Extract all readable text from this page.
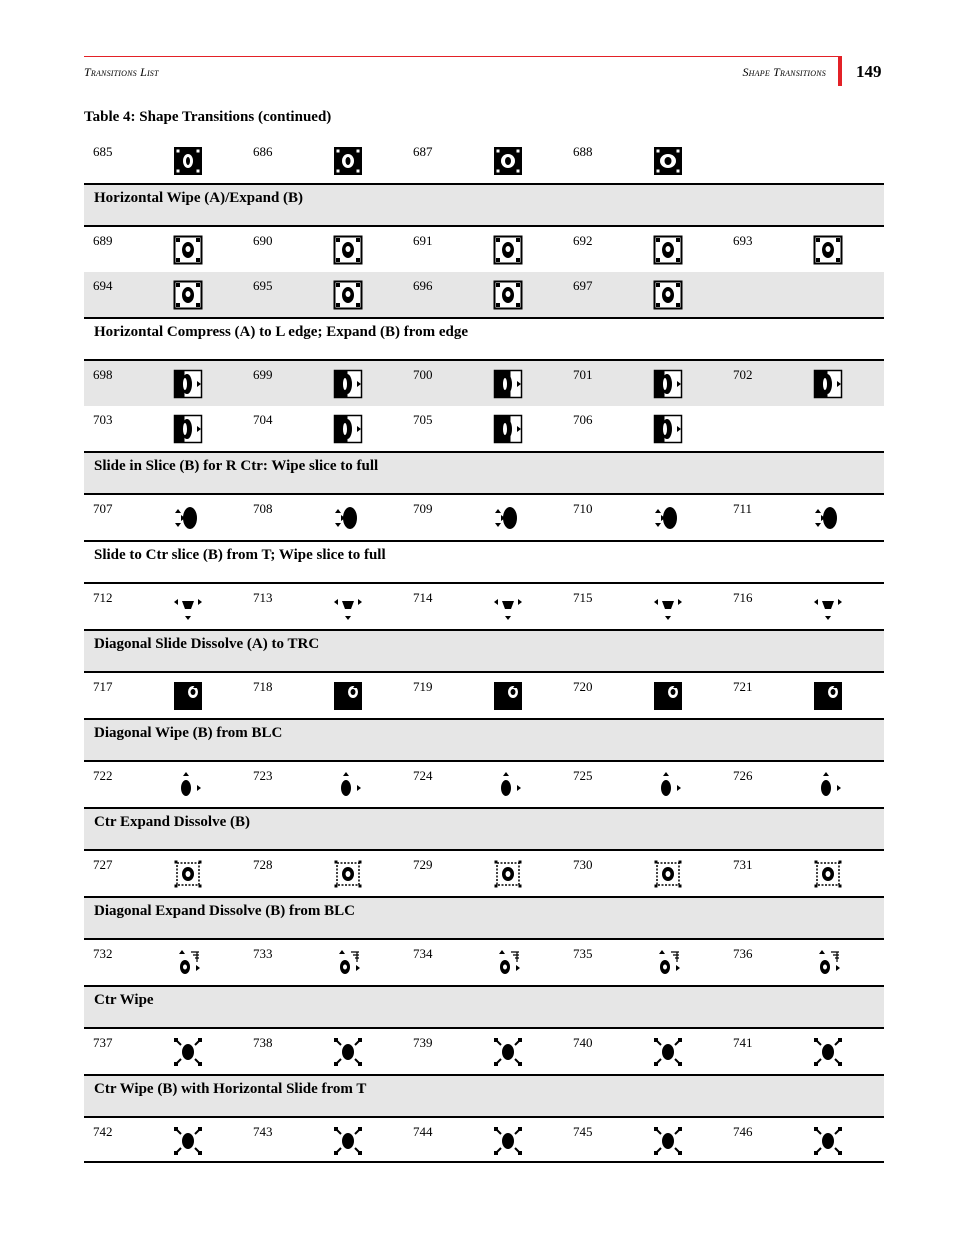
Transitions List	Shape Transitions 149
Table 4: Shape Transitions (continued)
685	686	687	688
Horizontal Wipe (A)/Expand (B)
689	690	691	692	693
694	695	696	697
Horizontal Compress (A) to L edge; Expand (B) from edge
698	699	700	701	702
703	704	705	706
Slide in Slice (B) for R Ctr: Wipe slice to full
707	708	709	710	711
Slide to Ctr slice (B) from T; Wipe slice to full
712	713	714	715	716
Diagonal Slide Dissolve (A) to TRC
717	718	719	720	721
Diagonal Wipe (B) from BLC
722	723	724	725	726
Ctr Expand Dissolve (B)
727	728	729	730	731
Diagonal Expand Dissolve (B) from BLC
732	733	734	735	736
Ctr Wipe
737	738	739	740	741
Ctr Wipe (B) with Horizontal Slide from T
742	743	744	745	746
